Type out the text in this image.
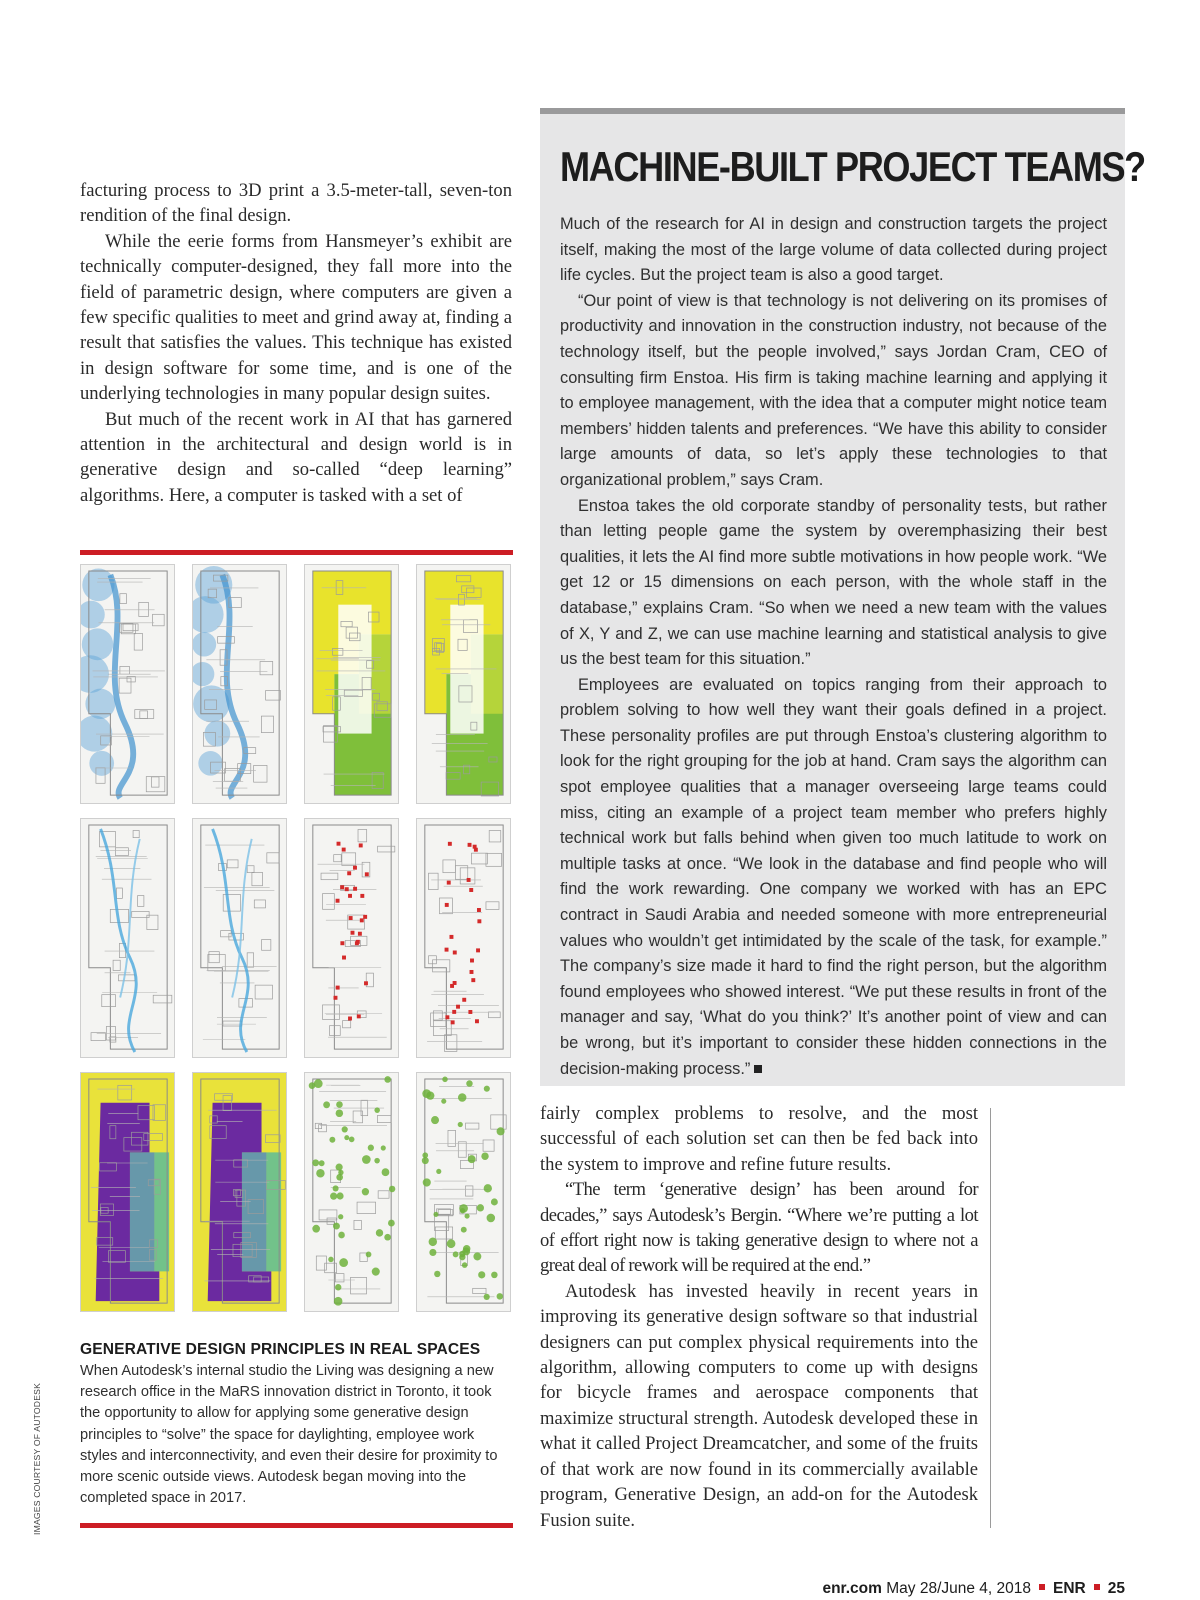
facturing process to 3D print a 3.5-meter-tall, seven-ton rendition of the final design.

While the eerie forms from Hansmeyer’s exhibit are technically computer-designed, they fall more into the field of parametric design, where computers are given a few specific qualities to meet and grind away at, finding a result that satisfies the values. This technique has existed in design software for some time, and is one of the underlying technologies in many popular design suites.

But much of the recent work in AI that has garnered attention in the architectural and design world is in generative design and so-called “deep learning” algorithms. Here, a computer is tasked with a set of

MACHINE-BUILT PROJECT TEAMS?

Much of the research for AI in design and construction targets the project itself, making the most of the large volume of data collected during project life cycles. But the project team is also a good target.

“Our point of view is that technology is not delivering on its promises of productivity and innovation in the construction industry, not because of the technology itself, but the people involved,” says Jordan Cram, CEO of consulting firm Enstoa. His firm is taking machine learning and applying it to employee management, with the idea that a computer might notice team members’ hidden talents and preferences. “We have this ability to consider large amounts of data, so let’s apply these technologies to that organizational problem,” says Cram.

Enstoa takes the old corporate standby of personality tests, but rather than letting people game the system by overemphasizing their best qualities, it lets the AI find more subtle motivations in how people work. “We get 12 or 15 dimensions on each person, with the whole staff in the database,” explains Cram. “So when we need a new team with the values of X, Y and Z, we can use machine learning and statistical analysis to give us the best team for this situation.”

Employees are evaluated on topics ranging from their approach to problem solving to how well they want their goals defined in a project. These personality profiles are put through Enstoa’s clustering algorithm to look for the right grouping for the job at hand. Cram says the algorithm can spot employee qualities that a manager overseeing large teams could miss, citing an example of a project team member who prefers highly technical work but falls behind when given too much latitude to work on multiple tasks at once. “We look in the database and find people who will find the work rewarding. One company we worked with has an EPC contract in Saudi Arabia and needed someone with more entrepreneurial values who wouldn’t get intimidated by the scale of the task, for example.” The company’s size made it hard to find the right person, but the algorithm found employees who showed interest. “We put these results in front of the manager and say, ‘What do you think?’ It’s another point of view and can be wrong, but it’s important to consider these hidden connections in the decision-making process.”

GENERATIVE DESIGN PRINCIPLES IN REAL SPACES
When Autodesk’s internal studio the Living was designing a new research office in the MaRS innovation district in Toronto, it took the opportunity to allow for applying some generative design principles to “solve” the space for daylighting, employee work styles and interconnectivity, and even their desire for proximity to more scenic outside views. Autodesk began moving into the completed space in 2017.
IMAGES COURTESY OF AUTODESK

fairly complex problems to resolve, and the most successful of each solution set can then be fed back into the system to improve and refine future results.

“The term ‘generative design’ has been around for decades,” says Autodesk’s Bergin. “Where we’re putting a lot of effort right now is taking generative design to where not a great deal of rework will be required at the end.”

Autodesk has invested heavily in recent years in improving its generative design software so that industrial designers can put complex physical requirements into the algorithm, allowing computers to come up with designs for bicycle frames and aerospace components that maximize structural strength. Autodesk developed these in what it called Project Dreamcatcher, and some of the fruits of that work are now found in its commercially available program, Generative Design, an add-on for the Autodesk Fusion suite.

enr.com May 28/June 4, 2018 ENR 25
